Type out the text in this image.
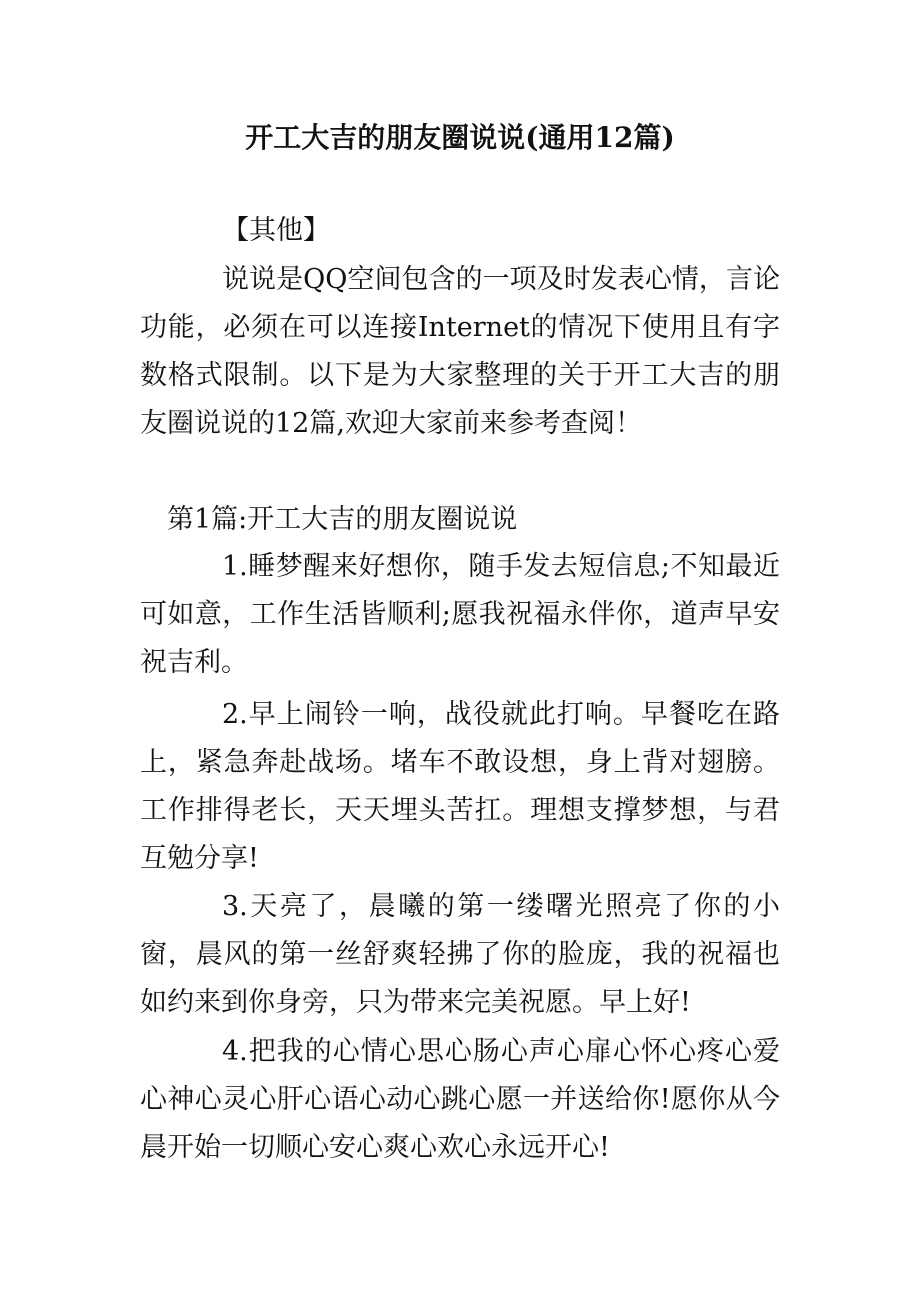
开工大吉的朋友圈说说(通用12篇)

【其他】

说说是QQ空间包含的一项及时发表心情，言论功能，必须在可以连接Internet的情况下使用且有字数格式限制。以下是为大家整理的关于开工大吉的朋友圈说说的12篇,欢迎大家前来参考查阅！

第1篇:开工大吉的朋友圈说说

1.睡梦醒来好想你，随手发去短信息;不知最近可如意，工作生活皆顺利;愿我祝福永伴你，道声早安祝吉利。

2.早上闹铃一响，战役就此打响。早餐吃在路上，紧急奔赴战场。堵车不敢设想，身上背对翅膀。工作排得老长，天天埋头苦扛。理想支撑梦想，与君互勉分享!

3.天亮了，晨曦的第一缕曙光照亮了你的小窗，晨风的第一丝舒爽轻拂了你的脸庞，我的祝福也如约来到你身旁，只为带来完美祝愿。早上好!

4.把我的心情心思心肠心声心扉心怀心疼心爱心神心灵心肝心语心动心跳心愿一并送给你!愿你从今晨开始一切顺心安心爽心欢心永远开心!
